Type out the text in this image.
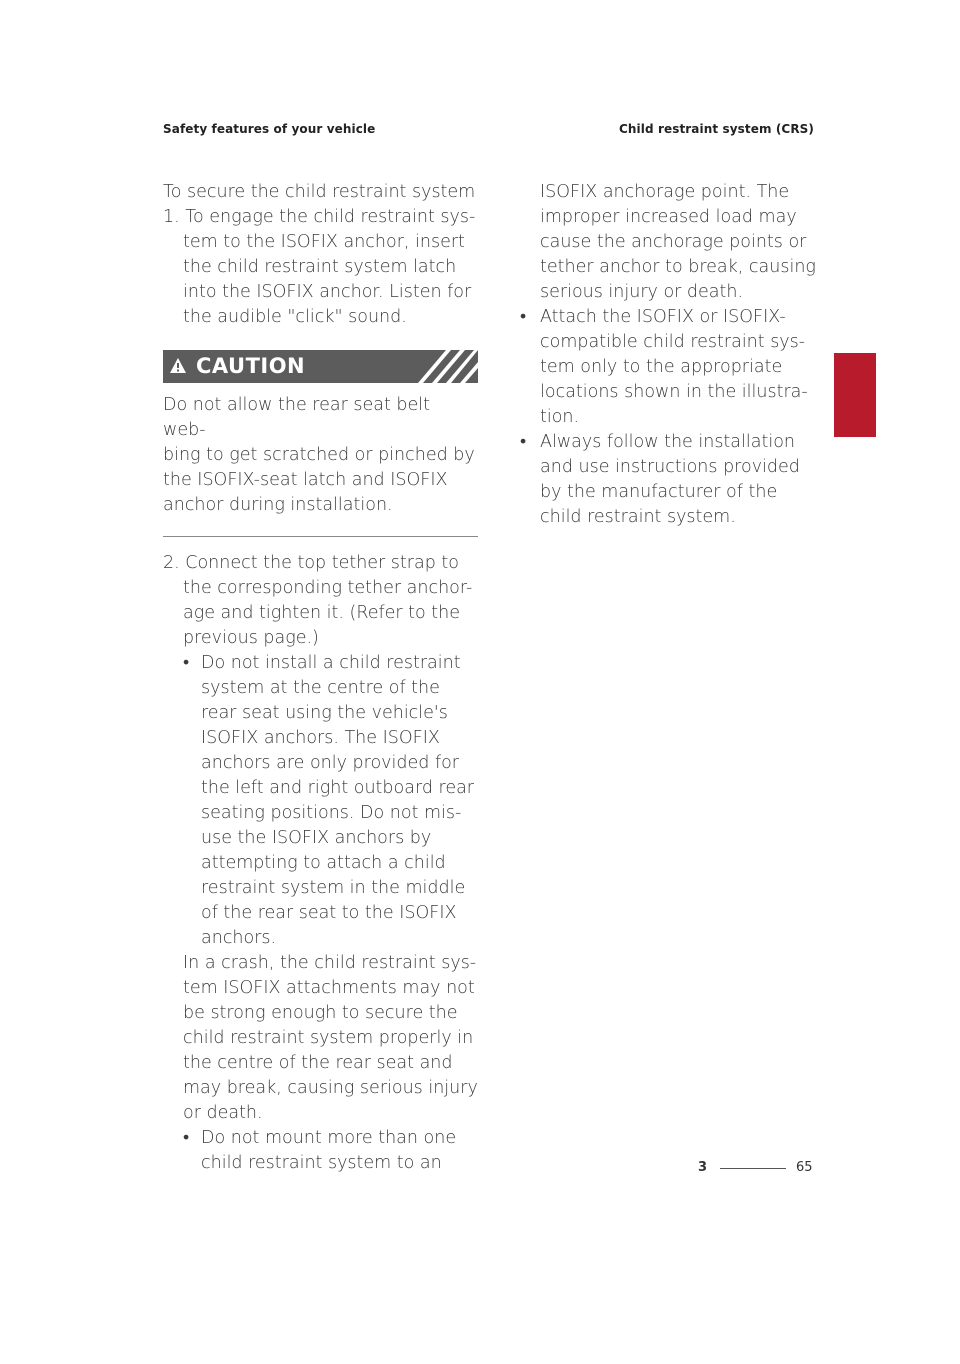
Safety features of your vehicle	Child restraint system (CRS)

To secure the child restraint system

1. To engage the child restraint sys-

tem to the ISOFIX anchor, insert

the child restraint system latch

into the ISOFIX anchor. Listen for

the audible "click" sound.

CAUTION

Do not allow the rear seat belt web-

bing to get scratched or pinched by

the ISOFIX-seat latch and ISOFIX

anchor during installation.

2. Connect the top tether strap to

the corresponding tether anchor-

age and tighten it. (Refer to the

previous page.)

• Do not install a child restraint

system at the centre of the

rear seat using the vehicle's

ISOFIX anchors. The ISOFIX

anchors are only provided for

the left and right outboard rear

seating positions. Do not mis-

use the ISOFIX anchors by

attempting to attach a child

restraint system in the middle

of the rear seat to the ISOFIX

anchors.

In a crash, the child restraint sys-

tem ISOFIX attachments may not

be strong enough to secure the

child restraint system properly in

the centre of the rear seat and

may break, causing serious injury

or death.

• Do not mount more than one

child restraint system to an

ISOFIX anchorage point. The

improper increased load may

cause the anchorage points or

tether anchor to break, causing

serious injury or death.

• Attach the ISOFIX or ISOFIX-

compatible child restraint sys-

tem only to the appropriate

locations shown in the illustra-

tion.

• Always follow the installation

and use instructions provided

by the manufacturer of the

child restraint system.

3
3	65
